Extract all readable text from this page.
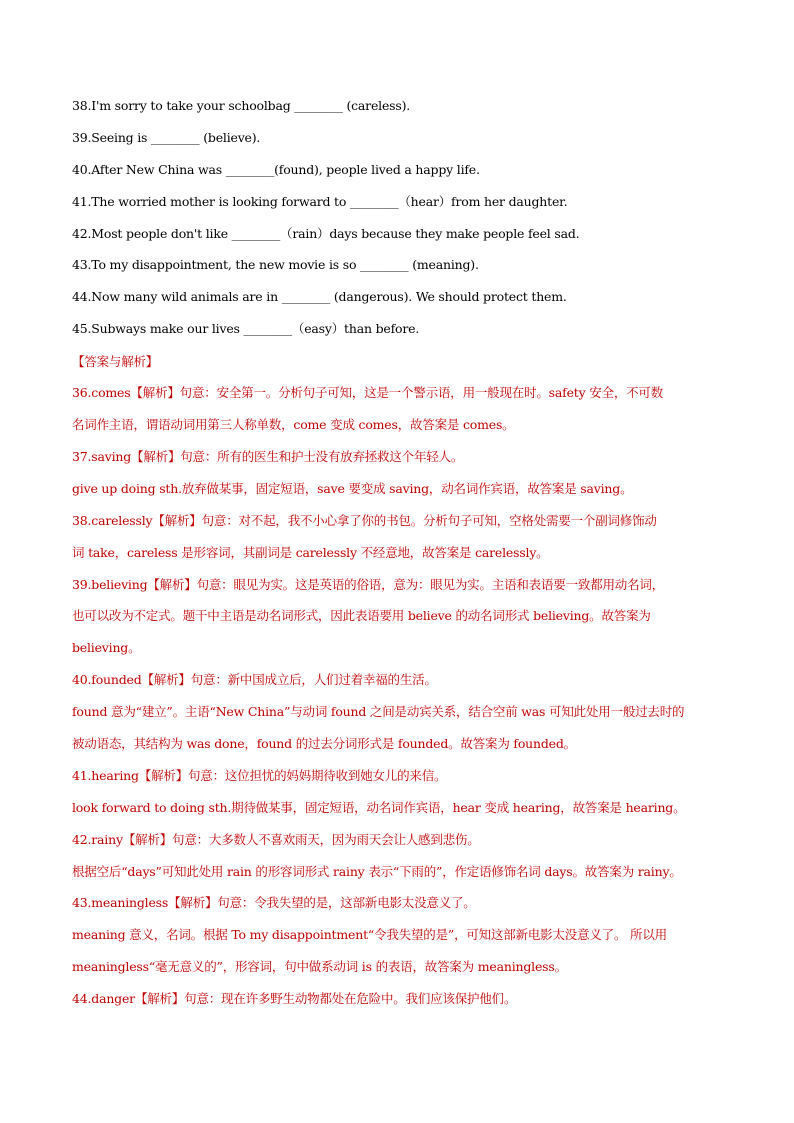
38.I'm sorry to take your schoolbag ________ (careless).
39.Seeing is ________ (believe).
40.After New China was ________(found), people lived a happy life.
41.The worried mother is looking forward to ________（hear）from her daughter.
42.Most people don't like ________（rain）days because they make people feel sad.
43.To my disappointment, the new movie is so ________ (meaning).
44.Now many wild animals are in ________ (dangerous). We should protect them.
45.Subways make our lives ________（easy）than before.
【答案与解析】
36.comes【解析】句意：安全第一。分析句子可知，这是一个警示语，用一般现在时。safety 安全，不可数
名词作主语，谓语动词用第三人称单数，come 变成 comes，故答案是 comes。
37.saving【解析】句意：所有的医生和护士没有放弃拯救这个年轻人。
give up doing sth.放弃做某事，固定短语，save 要变成 saving，动名词作宾语，故答案是 saving。
38.carelessly【解析】句意：对不起，我不小心拿了你的书包。分析句子可知，空格处需要一个副词修饰动
词 take，careless 是形容词，其副词是 carelessly 不经意地，故答案是 carelessly。
39.believing【解析】句意：眼见为实。这是英语的俗语，意为：眼见为实。主语和表语要一致都用动名词，
也可以改为不定式。题干中主语是动名词形式，因此表语要用 believe 的动名词形式 believing。故答案为
believing。
40.founded【解析】句意：新中国成立后，人们过着幸福的生活。
found 意为“建立”。主语“New China”与动词 found 之间是动宾关系，结合空前 was 可知此处用一般过去时的
被动语态，其结构为 was done，found 的过去分词形式是 founded。故答案为 founded。
41.hearing【解析】句意：这位担忧的妈妈期待收到她女儿的来信。
look forward to doing sth.期待做某事，固定短语，动名词作宾语，hear 变成 hearing，故答案是 hearing。
42.rainy【解析】句意：大多数人不喜欢雨天，因为雨天会让人感到悲伤。
根据空后“days”可知此处用 rain 的形容词形式 rainy 表示“下雨的”，作定语修饰名词 days。故答案为 rainy。
43.meaningless【解析】句意：令我失望的是，这部新电影太没意义了。
meaning 意义，名词。根据 To my disappointment“令我失望的是”，可知这部新电影太没意义了。 所以用
meaningless“毫无意义的”，形容词，句中做系动词 is 的表语，故答案为 meaningless。
44.danger【解析】句意：现在许多野生动物都处在危险中。我们应该保护他们。
